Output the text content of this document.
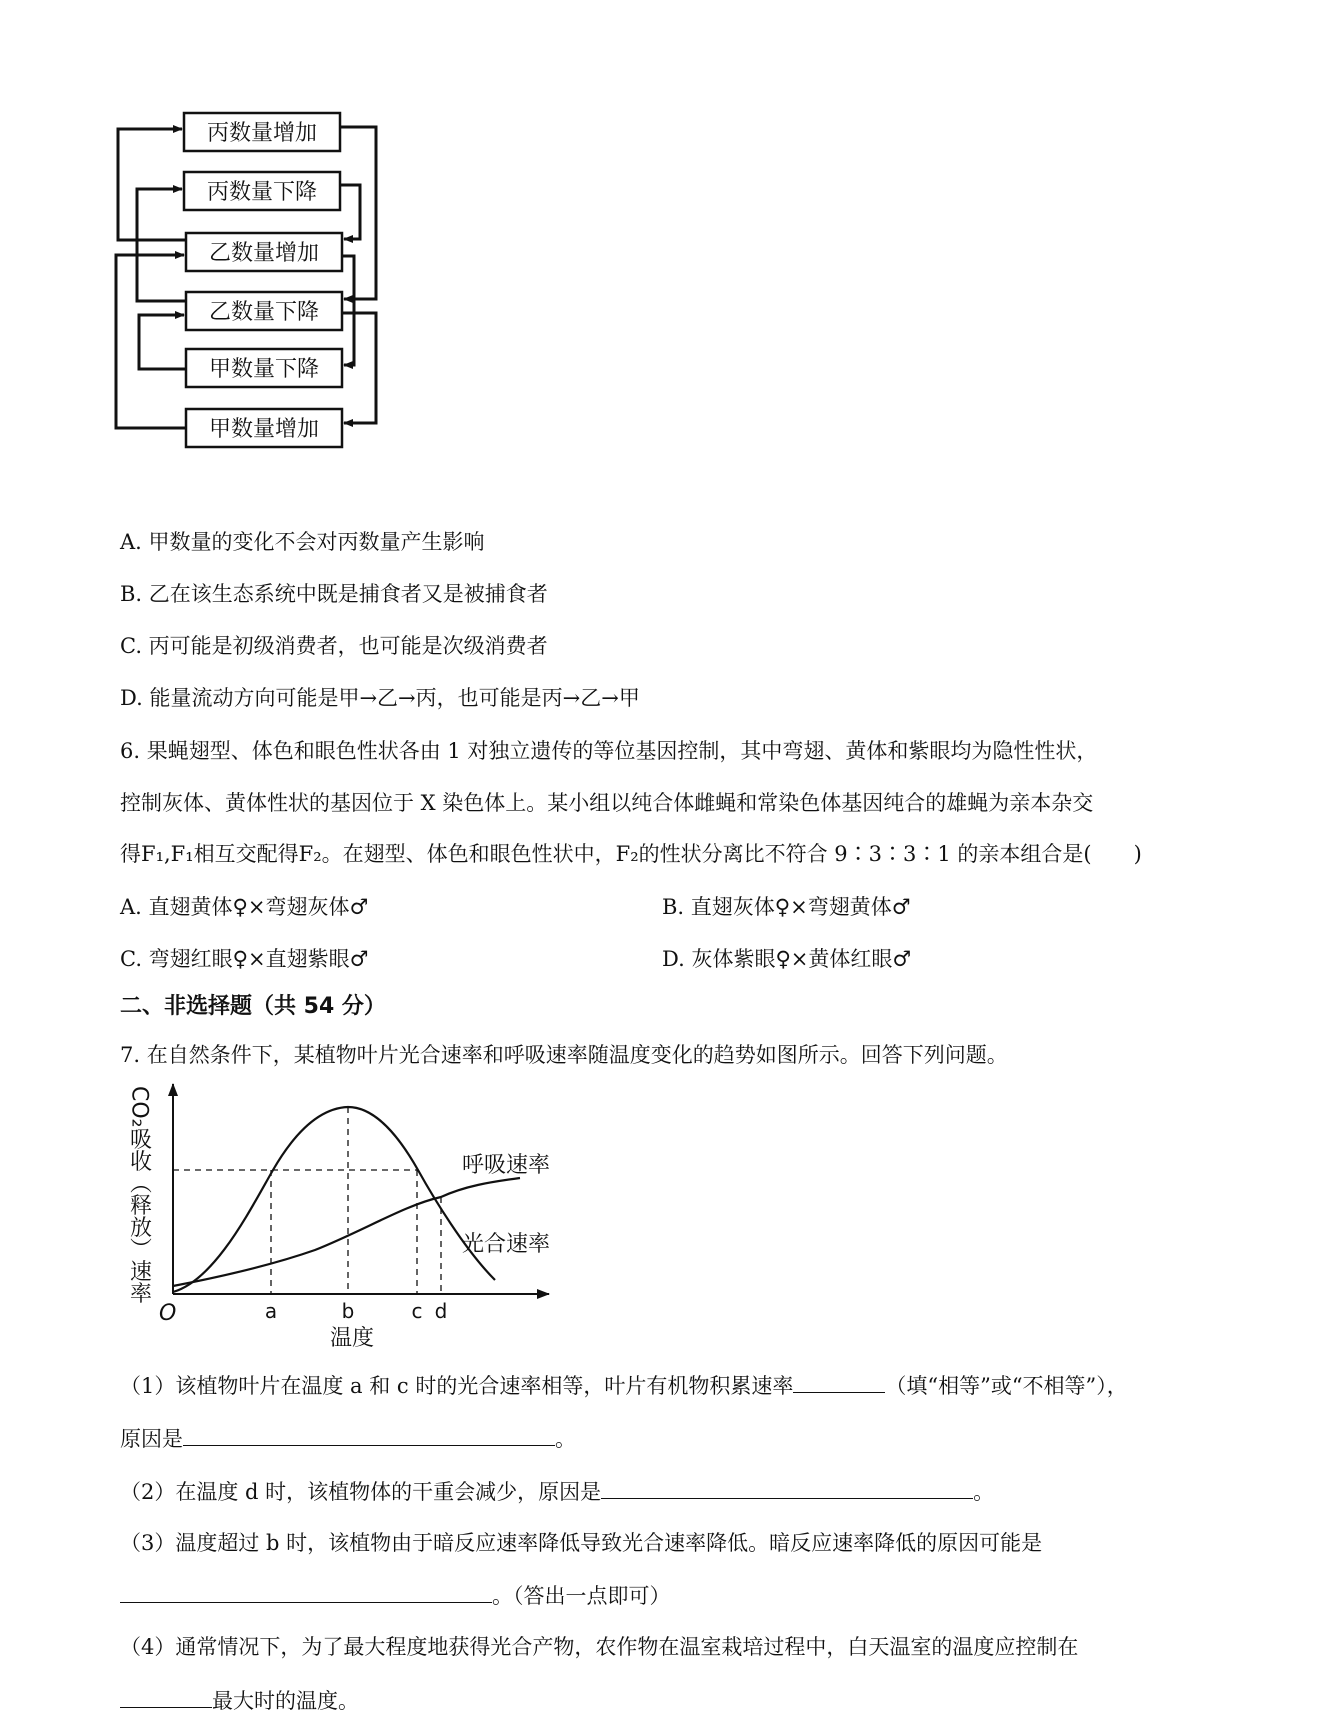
丙数量增加
丙数量下降
乙数量增加
乙数量下降
甲数量下降
甲数量增加
A. 甲数量的变化不会对丙数量产生影响
B. 乙在该生态系统中既是捕食者又是被捕食者
C. 丙可能是初级消费者，也可能是次级消费者
D. 能量流动方向可能是甲→乙→丙，也可能是丙→乙→甲
6. 果蝇翅型、体色和眼色性状各由 1 对独立遗传的等位基因控制，其中弯翅、黄体和紫眼均为隐性性状，
控制灰体、黄体性状的基因位于 X 染色体上。某小组以纯合体雌蝇和常染色体基因纯合的雄蝇为亲本杂交
得F₁,F₁相互交配得F₂。在翅型、体色和眼色性状中，F₂的性状分离比不符合 9∶3∶3∶1 的亲本组合是(　　)
A. 直翅黄体♀×弯翅灰体♂	B. 直翅灰体♀×弯翅黄体♂
C. 弯翅红眼♀×直翅紫眼♂	D. 灰体紫眼♀×黄体红眼♂
二、非选择题（共 54 分）
7. 在自然条件下，某植物叶片光合速率和呼吸速率随温度变化的趋势如图所示。回答下列问题。
CO₂吸收（释放）速率	呼吸速率
光合速率
O	a	b	c d
温度
（1）该植物叶片在温度 a 和 c 时的光合速率相等，叶片有机物积累速率	（填“相等”或“不相等”），
原因是	。
（2）在温度 d 时，该植物体的干重会减少，原因是	。
（3）温度超过 b 时，该植物由于暗反应速率降低导致光合速率降低。暗反应速率降低的原因可能是
。（答出一点即可）
（4）通常情况下，为了最大程度地获得光合产物，农作物在温室栽培过程中，白天温室的温度应控制在
最大时的温度。
